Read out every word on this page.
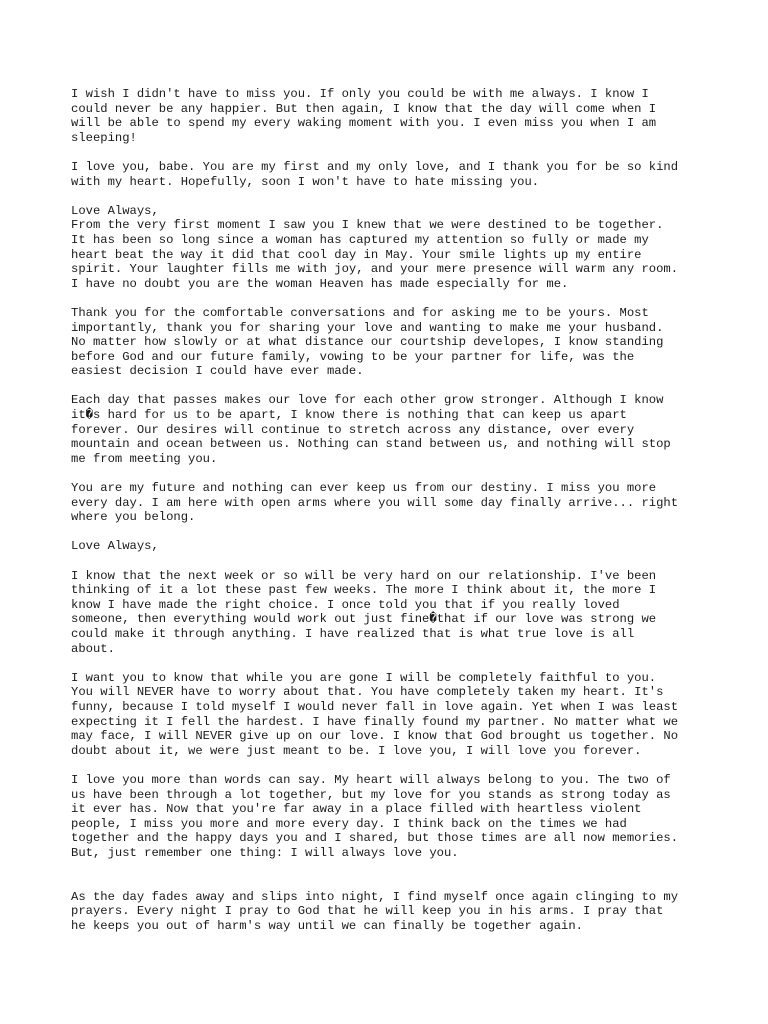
I wish I didn't have to miss you. If only you could be with me always. I know I
could never be any happier. But then again, I know that the day will come when I
will be able to spend my every waking moment with you. I even miss you when I am
sleeping!

I love you, babe. You are my first and my only love, and I thank you for be so kind
with my heart. Hopefully, soon I won't have to hate missing you.

Love Always,
From the very first moment I saw you I knew that we were destined to be together.
It has been so long since a woman has captured my attention so fully or made my
heart beat the way it did that cool day in May. Your smile lights up my entire
spirit. Your laughter fills me with joy, and your mere presence will warm any room.
I have no doubt you are the woman Heaven has made especially for me.

Thank you for the comfortable conversations and for asking me to be yours. Most
importantly, thank you for sharing your love and wanting to make me your husband.
No matter how slowly or at what distance our courtship developes, I know standing
before God and our future family, vowing to be your partner for life, was the
easiest decision I could have ever made.

Each day that passes makes our love for each other grow stronger. Although I know
it�s hard for us to be apart, I know there is nothing that can keep us apart
forever. Our desires will continue to stretch across any distance, over every
mountain and ocean between us. Nothing can stand between us, and nothing will stop
me from meeting you.

You are my future and nothing can ever keep us from our destiny. I miss you more
every day. I am here with open arms where you will some day finally arrive... right
where you belong.

Love Always,

I know that the next week or so will be very hard on our relationship. I've been
thinking of it a lot these past few weeks. The more I think about it, the more I
know I have made the right choice. I once told you that if you really loved
someone, then everything would work out just fine�that if our love was strong we
could make it through anything. I have realized that is what true love is all
about.

I want you to know that while you are gone I will be completely faithful to you.
You will NEVER have to worry about that. You have completely taken my heart. It's
funny, because I told myself I would never fall in love again. Yet when I was least
expecting it I fell the hardest. I have finally found my partner. No matter what we
may face, I will NEVER give up on our love. I know that God brought us together. No
doubt about it, we were just meant to be. I love you, I will love you forever.

I love you more than words can say. My heart will always belong to you. The two of
us have been through a lot together, but my love for you stands as strong today as
it ever has. Now that you're far away in a place filled with heartless violent
people, I miss you more and more every day. I think back on the times we had
together and the happy days you and I shared, but those times are all now memories.
But, just remember one thing: I will always love you.

As the day fades away and slips into night, I find myself once again clinging to my
prayers. Every night I pray to God that he will keep you in his arms. I pray that
he keeps you out of harm's way until we can finally be together again.
